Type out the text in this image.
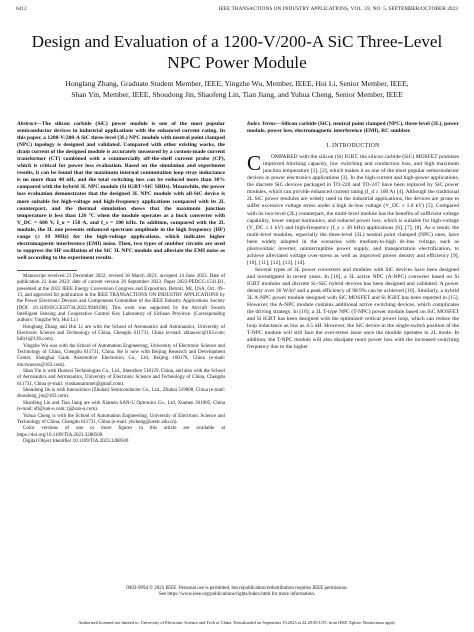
6412	IEEE TRANSACTIONS ON INDUSTRY APPLICATIONS, VOL. 59, NO. 5, SEPTEMBER/OCTOBER 2023
Design and Evaluation of a 1200-V/200-A SiC Three-Level NPC Power Module
Honglang Zhang, Graduate Student Member, IEEE, Yingzhe Wu, Member, IEEE, Hui Li, Senior Member, IEEE,
Shan Yin, Member, IEEE, Shoudong Jin, Shaofeng Lin, Tian Jiang, and Yuhua Cheng, Senior Member, IEEE

Abstract—The silicon carbide (SiC) power module is one of the most popular semiconductor devices in industrial applications with the enhanced current rating. In this paper, a 1200-V/200-A SiC three-level (3L) NPC module with neutral point clamped (NPC) topology is designed and validated. Compared with other existing works, the drain current of the designed module is accurately measured by a custom-made current transformer (CT) combined with a commercially off-the-shelf current probe (CP), which is critical for power loss evaluation. Based on the simulation and experiment results, it can be found that the maximum internal commutation loop stray inductance is no more than 40 nH, and the total switching loss can be reduced more than 30% compared with the hybrid 3L NPC module (Si IGBT+SiC SBDs). Meanwhile, the power loss evaluation demonstrates that the designed 3L NPC module with all-SiC device is more suitable for high-voltage and high-frequency applications compared with its 2L counterpart, and the thermal simulation shows that the maximum junction temperature is less than 126 °C when the module operates as a buck converter with V_DC = 600 V, I_o = 150 A, and f_s = 100 kHz. In addition, compared with the 2L module, the 3L one presents enhanced spectrum amplitude in the high frequency (HF) range (≥ 10 MHz) for the high-voltage applications, which indicates higher electromagnetic interference (EMI) noise. Then, two types of snubber circuits are used to suppress the HF oscillation of the SiC 3L NPC module and alleviate the EMI noise as well according to the experiment results.

Manuscript received 23 December 2022; revised 18 March 2023; accepted 14 June 2023. Date of publication 22 June 2023; date of current version 20 September 2023. Paper 2022-PEDCC-1541.R1, presented at the 2022 IEEE Energy Conversion Congress and Exposition, Detroit, MI, USA, Oct. 09–13, and approved for publication in the IEEE TRANSACTIONS ON INDUSTRY APPLICATIONS by the Power Electronic Devices and Components Committee of the IEEE Industry Applications Society [DOI: 10.1109/ECCE50734.2022.9948198]. This work was supported by the Aircraft Swarm Intelligent Sensing and Cooperative Control Key Laboratory of Sichuan Province. (Corresponding authors: Yingzhe Wu; Hui Li.)

Honglang Zhang and Hui Li are with the School of Aeronautics and Astronautics, University of Electronic Science and Technology of China, Chengdu 611731, China (e-mail: zhhaoxic@163.com; lullyli@126.com).

Yingzhe Wu was with the School of Automation Engineering, University of Electronic Science and Technology of China, Chengdu 611731, China. He is now with Beijing Research and Development Center, Shanghai Gauk Automotive Electronics Co., Ltd, Beijing 100176, China (e-mail: micrwuesto@163.com).

Shan Yin is with Huawei Technologies Co., Ltd., Shenzhen 518129, China, and also with the School of Aeronautics and Astronautics, University of Electronic Science and Technology of China, Chengdu 611731, China (e-mail: yinshansammel@gmail.com).

Shoudong Jin is with Innoscience (Zhuhai) Semiconductor Co., Ltd., Zhuhai 519000, China (e-mail: shoudong_jin@163.com).

Shaofeng Lin and Tian Jiang are with Xiamen SAN-U Optronics Co., Ltd, Xiamen 361005, China (e-mail: sfl@san-u.com; tj@san-u.com).

Yuhua Cheng is with the School of Automation Engineering, University of Electronic Science and Technology of China, Chengdu 611731, China (e-mail: yhcheng@uestc.edu.cn).

Color versions of one or more figures in this article are available at https://doi.org/10.1109/TIA.2023.3288500.

Digital Object Identifier 10.1109/TIA.2023.3288500

Index Terms—Silicon carbide (SiC), neutral point clamped (NPC), three-level (3L), power module, power loss, electromagnetic interference (EMI), RC snubber.

I. INTRODUCTION

C OMPARED with the silicon (Si) IGBT, the silicon carbide (SiC) MOSFET promises improved blocking capacity, low switching and conduction loss, and high maximum junction temperature [1], [2], which makes it as one of the most popular semiconductor devices in power electronics applications [3]. In the high-current and high-power applications, the discrete SiC devices packaged in TO-220 and TO-247 have been replaced by SiC power modules, which can provide enhanced current rating (I_d ≥ 100 A) [4]. Although the traditional 2L SiC power modules are widely used in the industrial applications, the devices are prone to suffer excessive voltage stress under a high dc-bus voltage (V_DC ≥ 1.0 kV) [5]. Compared with its two-level (2L) counterpart, the multi-level module has the benefits of sufficient voltage capability, lower output harmonics, and reduced power loss, which is suitable for high-voltage (V_DC ≥ 1 kV) and high-frequency (f_s ≥ 30 kHz) applications [6], [7], [8]. As a result, the multi-level modules, especially the three-level (3L) neutral point clamped (NPC) ones, have been widely adopted in the scenarios with medium-to-high dc-bus voltage, such as photovoltaic inverter, uninterruptible power supply, and transportation electrification, to achieve alleviated voltage over-stress as well as improved power density and efficiency [9], [10], [11], [12], [13], [14].

Several types of 3L power converters and modules with SiC devices have been designed and investigated in recent years. In [10], a 3L active NPC (A-NPC) converter based on Si IGBT modules and discrete Si+SiC hybrid devices has been designed and validated. A power density over 36 W/in³ and a peak efficiency of 98.9% can be achieved [10]. Similarly, a hybrid 3L A-NPC power module designed with SiC MOSFET and Si IGBT has been reported in [15]. However, the A-NPC module contains additional active switching devices, which complicates the driving strategy. In [16], a 3L T-type NPC (T-NPC) power module based on SiC MOSFET and Si IGBT has been designed with the optimized vertical power loop, which can reduce the loop inductance as low as 4.5 nH. However, the SiC device in the single-switch position of the T-NPC module will still face the over-stress issue once the module operates in 2L mode. In addition, the T-NPC module will also dissipate more power loss with the increased switching frequency due to the higher

0093-9994 © 2023 IEEE. Personal use is permitted, but republication/redistribution requires IEEE permission.
See https://www.ieee.org/publications/rights/index.html for more information.
Authorized licensed use limited to: University of Electronic Science and Tech of China. Downloaded on September 19,2023 at 22:28:58 UTC from IEEE Xplore. Restrictions apply.
